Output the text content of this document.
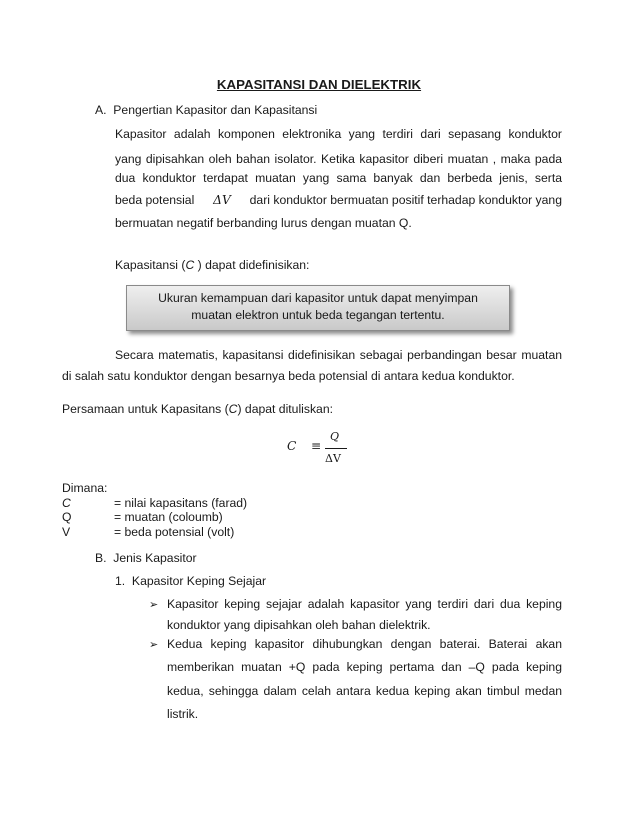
KAPASITANSI DAN DIELEKTRIK
A.  Pengertian Kapasitor dan Kapasitansi
Kapasitor adalah komponen elektronika yang terdiri dari sepasang konduktor
yang dipisahkan oleh bahan isolator. Ketika kapasitor diberi muatan , maka pada
dua konduktor terdapat muatan yang sama banyak dan berbeda jenis, serta
beda potensial ΔV dari konduktor bermuatan positif terhadap konduktor yang
bermuatan negatif berbanding lurus dengan muatan Q.
Kapasitansi (C ) dapat didefinisikan:
Ukuran kemampuan dari kapasitor untuk dapat menyimpan
muatan elektron untuk beda tegangan tertentu.
Secara matematis, kapasitansi didefinisikan sebagai perbandingan besar muatan
di salah satu konduktor dengan besarnya beda potensial di antara kedua konduktor.
Persamaan untuk Kapasitans (C) dapat dituliskan:
C ≡
Q
ΔV
Dimana:
C	= nilai kapasitans (farad)
Q	= muatan (coloumb)
V	= beda potensial (volt)
B.  Jenis Kapasitor
1.  Kapasitor Keping Sejajar
➢ Kapasitor keping sejajar adalah kapasitor yang terdiri dari dua keping
konduktor yang dipisahkan oleh bahan dielektrik.
➢ Kedua keping kapasitor dihubungkan dengan baterai. Baterai akan
memberikan muatan +Q pada keping pertama dan –Q pada keping
kedua, sehingga dalam celah antara kedua keping akan timbul medan
listrik.
